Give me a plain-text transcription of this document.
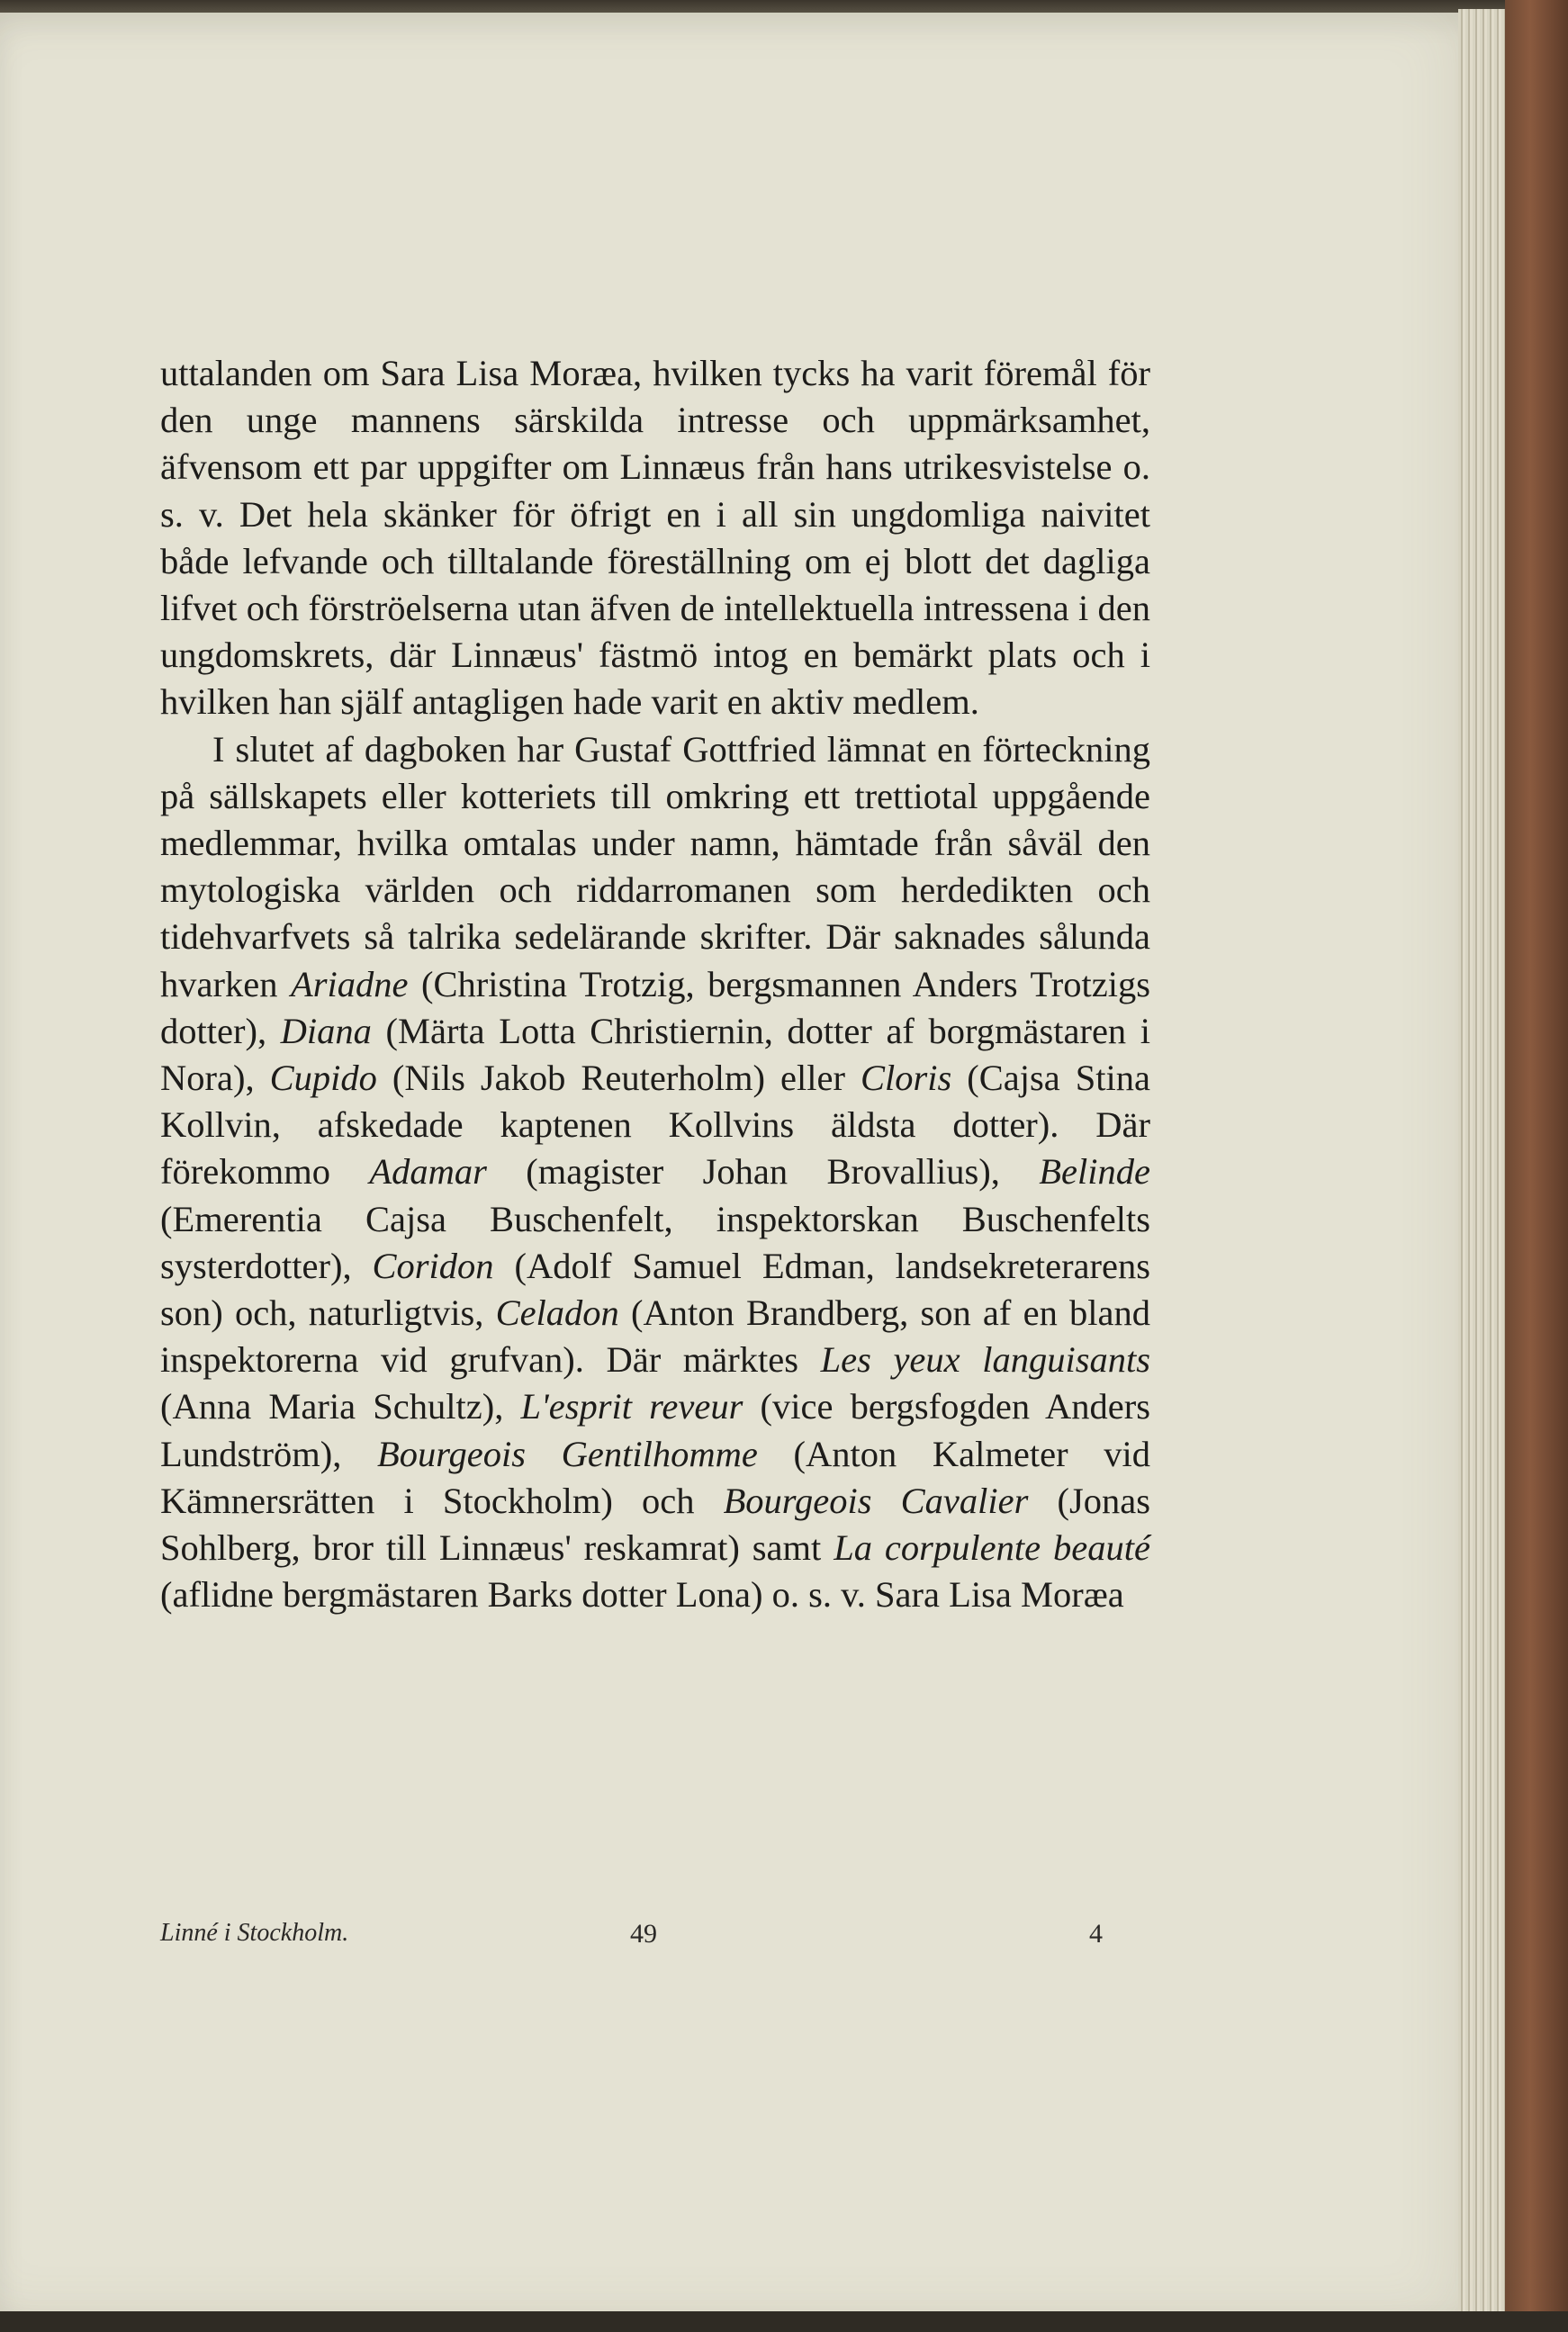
uttalanden om Sara Lisa Moræa, hvilken tycks ha varit föremål för den unge mannens särskilda intresse och uppmärksamhet, äfvensom ett par uppgifter om Linnæus från hans utrikesvistelse o. s. v. Det hela skänker för öfrigt en i all sin ungdomliga naivitet både lefvande och tilltalande föreställning om ej blott det dagliga lifvet och förströelserna utan äfven de intellektuella intressena i den ungdomskrets, där Linnæus' fästmö intog en bemärkt plats och i hvilken han själf antagligen hade varit en aktiv medlem.

I slutet af dagboken har Gustaf Gottfried lämnat en förteckning på sällskapets eller kotteriets till omkring ett trettiotal uppgående medlemmar, hvilka omtalas under namn, hämtade från såväl den mytologiska världen och riddarromanen som herdedikten och tidehvarfvets så talrika sedelärande skrifter. Där saknades sålunda hvarken Ariadne (Christina Trotzig, bergsmannen Anders Trotzigs dotter), Diana (Märta Lotta Christiernin, dotter af borgmästaren i Nora), Cupido (Nils Jakob Reuterholm) eller Cloris (Cajsa Stina Kollvin, afskedade kaptenen Kollvins äldsta dotter). Där förekommo Adamar (magister Johan Brovallius), Belinde (Emerentia Cajsa Buschenfelt, inspektorskan Buschenfelts systerdotter), Coridon (Adolf Samuel Edman, landsekreterarens son) och, naturligtvis, Celadon (Anton Brandberg, son af en bland inspektorerna vid grufvan). Där märktes Les yeux languisants (Anna Maria Schultz), L'esprit reveur (vice bergsfogden Anders Lundström), Bourgeois Gentilhomme (Anton Kalmeter vid Kämnersrätten i Stockholm) och Bourgeois Cavalier (Jonas Sohlberg, bror till Linnæus' reskamrat) samt La corpulente beauté (aflidne bergmästaren Barks dotter Lona) o. s. v. Sara Lisa Moræa

Linné i Stockholm.	49	4
